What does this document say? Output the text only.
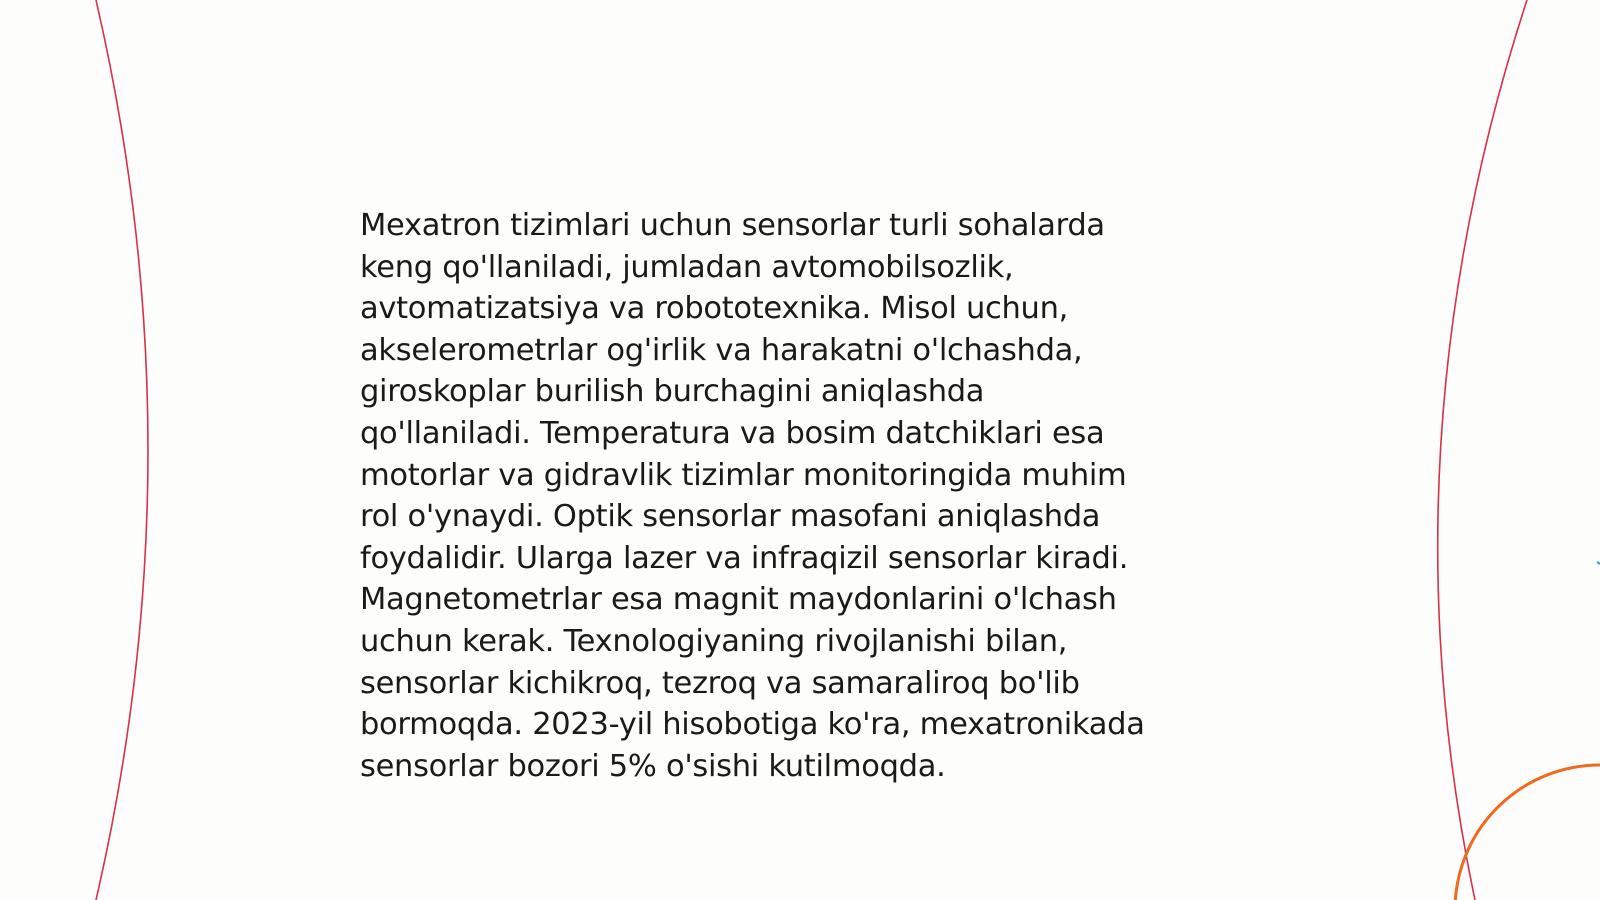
Mexatron tizimlari uchun sensorlar turli sohalarda
keng qo'llaniladi, jumladan avtomobilsozlik,
avtomatizatsiya va robototexnika. Misol uchun,
akselerometrlar og'irlik va harakatni o'lchashda,
giroskoplar burilish burchagini aniqlashda
qo'llaniladi. Temperatura va bosim datchiklari esa
motorlar va gidravlik tizimlar monitoringida muhim
rol o'ynaydi. Optik sensorlar masofani aniqlashda
foydalidir. Ularga lazer va infraqizil sensorlar kiradi.
Magnetometrlar esa magnit maydonlarini o'lchash
uchun kerak. Texnologiyaning rivojlanishi bilan,
sensorlar kichikroq, tezroq va samaraliroq bo'lib
bormoqda. 2023-yil hisobotiga ko'ra, mexatronikada
sensorlar bozori 5% o'sishi kutilmoqda.
